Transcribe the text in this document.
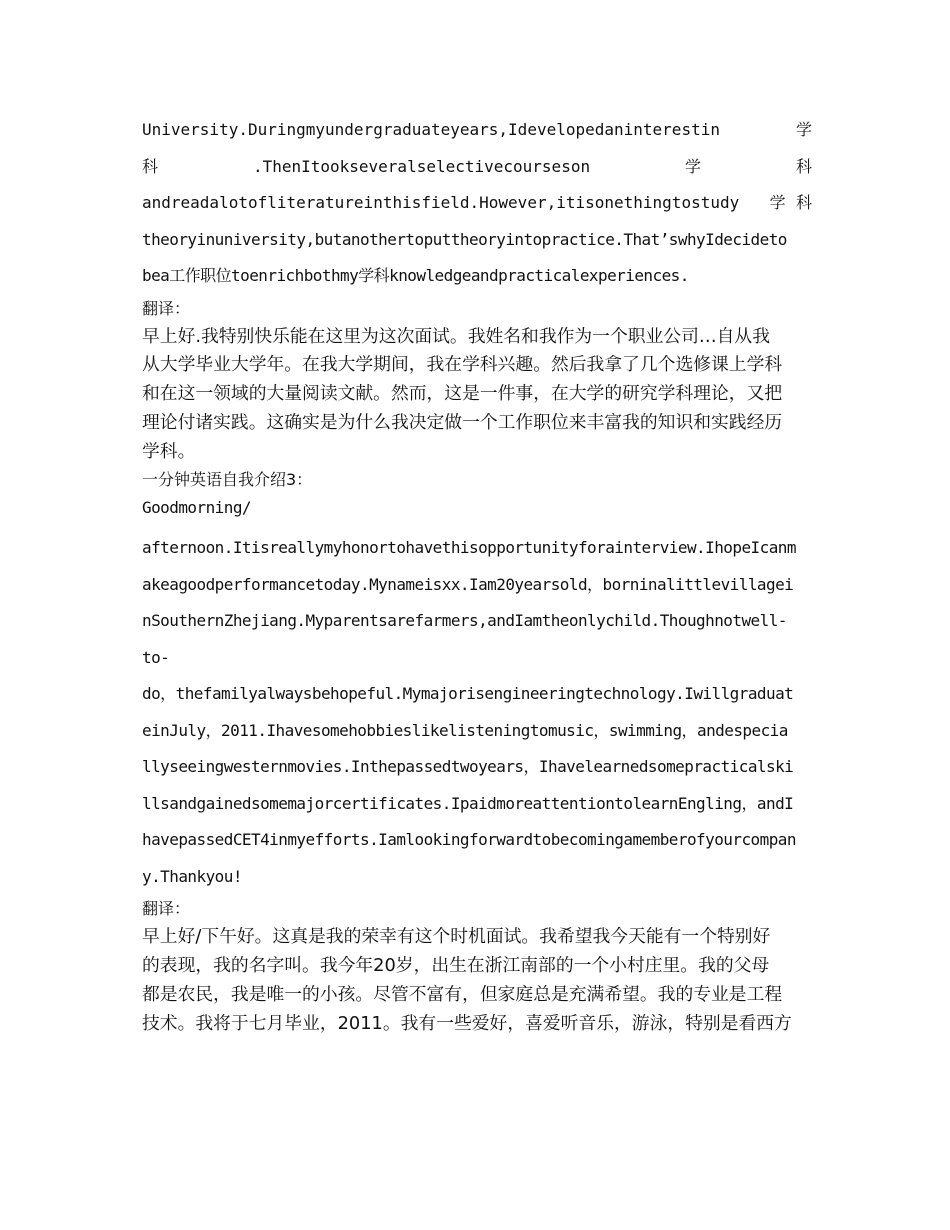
University.Duringmyundergraduateyears,Idevelopedaninterestin	学
科	.ThenItookseveralselectivecourseson	学	科
andreadalotofliteratureinthisfield.However,itisonethingtostudy 学 科
theoryinuniversity,butanothertoputtheoryintopractice.That’swhyIdecideto
bea工作职位toenrichbothmy学科knowledgeandpracticalexperiences.
翻译：
早上好.我特别快乐能在这里为这次面试。我姓名和我作为一个职业公司…自从我
从大学毕业大学年。在我大学期间，我在学科兴趣。然后我拿了几个选修课上学科
和在这一领域的大量阅读文献。然而，这是一件事，在大学的研究学科理论，又把
理论付诸实践。这确实是为什么我决定做一个工作职位来丰富我的知识和实践经历
学科。
一分钟英语自我介绍3：
Goodmorning/
afternoon.Itisreallymyhonortohavethisopportunityforainterview.IhopeIcanm
akeagoodperformancetoday.Mynameisxx.Iam20yearsold，borninalittlevillagei
nSouthernZhejiang.Myparentsarefarmers,andIamtheonlychild.Thoughnotwell-
to-
do，thefamilyalwaysbehopeful.Mymajorisengineeringtechnology.Iwillgraduat
einJuly，2011.Ihavesomehobbieslikelisteningtomusic，swimming，andespecia
llyseeingwesternmovies.Inthepassedtwoyears，Ihavelearnedsomepracticalski
llsandgainedsomemajorcertificates.IpaidmoreattentiontolearnEngling，andI
havepassedCET4inmyefforts.Iamlookingforwardtobecomingamemberofyourcompan
y.Thankyou!
翻译：
早上好/下午好。这真是我的荣幸有这个时机面试。我希望我今天能有一个特别好
的表现，我的名字叫。我今年20岁，出生在浙江南部的一个小村庄里。我的父母
都是农民，我是唯一的小孩。尽管不富有，但家庭总是充满希望。我的专业是工程
技术。我将于七月毕业，2011。我有一些爱好，喜爱听音乐，游泳，特别是看西方
